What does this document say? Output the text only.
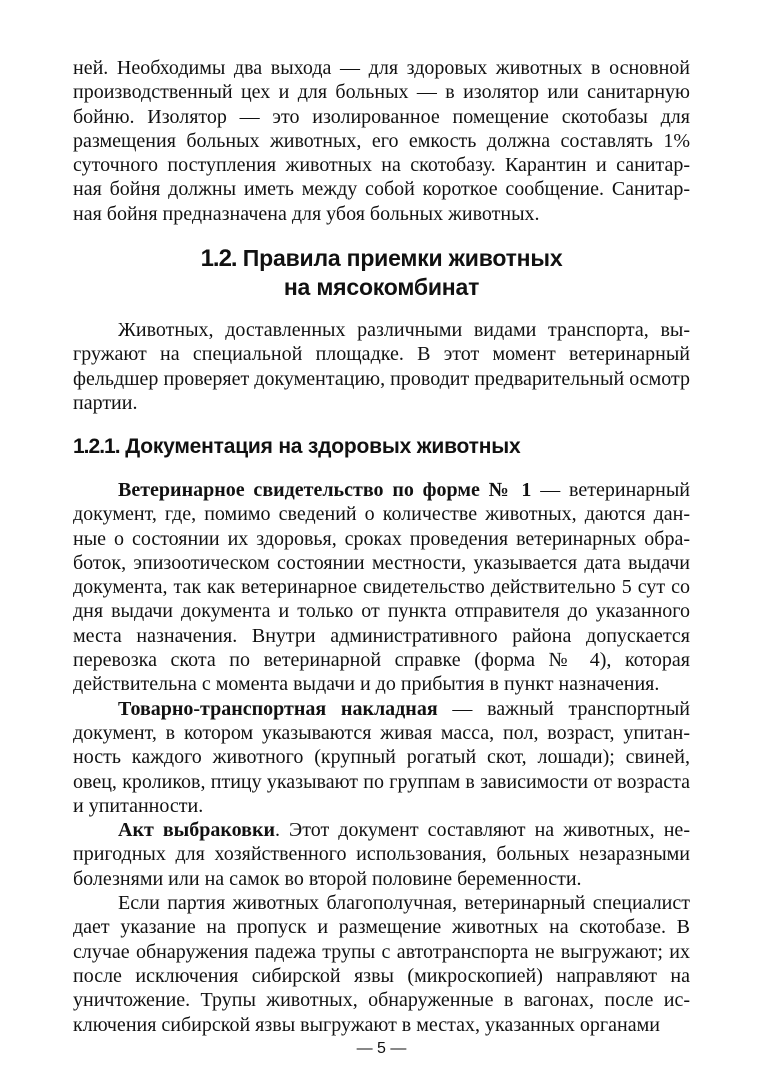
ней. Необходимы два выхода — для здоровых животных в основной
производственный цех и для больных — в изолятор или санитарную
бойню. Изолятор — это изолированное помещение скотобазы для
размещения больных животных, его емкость должна составлять 1%
суточного поступления животных на скотобазу. Карантин и санитар-
ная бойня должны иметь между собой короткое сообщение. Санитар-
ная бойня предназначена для убоя больных животных.
1.2. Правила приемки животных
на мясокомбинат

Животных, доставленных различными видами транспорта, выгружают на специальной площадке. В этот момент ветеринарный фельдшер проверяет документацию, проводит предварительный осмотр партии.

1.2.1. Документация на здоровых животных

Ветеринарное свидетельство по форме № 1 — ветеринарный документ, где, помимо сведений о количестве животных, даются данные о состоянии их здоровья, сроках проведения ветеринарных обработок, эпизоотическом состоянии местности, указывается дата выдачи документа, так как ветеринарное свидетельство действительно 5 сут со дня выдачи документа и только от пункта отправителя до указанного места назначения. Внутри административного района допускается перевозка скота по ветеринарной справке (форма № 4), которая действительна с момента выдачи и до прибытия в пункт назначения.

Товарно-транспортная накладная — важный транспортный документ, в котором указываются живая масса, пол, возраст, упитанность каждого животного (крупный рогатый скот, лошади); свиней, овец, кроликов, птицу указывают по группам в зависимости от возраста и упитанности.

Акт выбраковки. Этот документ составляют на животных, непригодных для хозяйственного использования, больных незаразными болезнями или на самок во второй половине беременности.

Если партия животных благополучная, ветеринарный специалист дает указание на пропуск и размещение животных на скотобазе. В случае обнаружения падежа трупы с автотранспорта не выгружают; их после исключения сибирской язвы (микроскопией) направляют на уничтожение. Трупы животных, обнаруженные в вагонах, после исключения сибирской язвы выгружают в местах, указанных органами

— 5 —
